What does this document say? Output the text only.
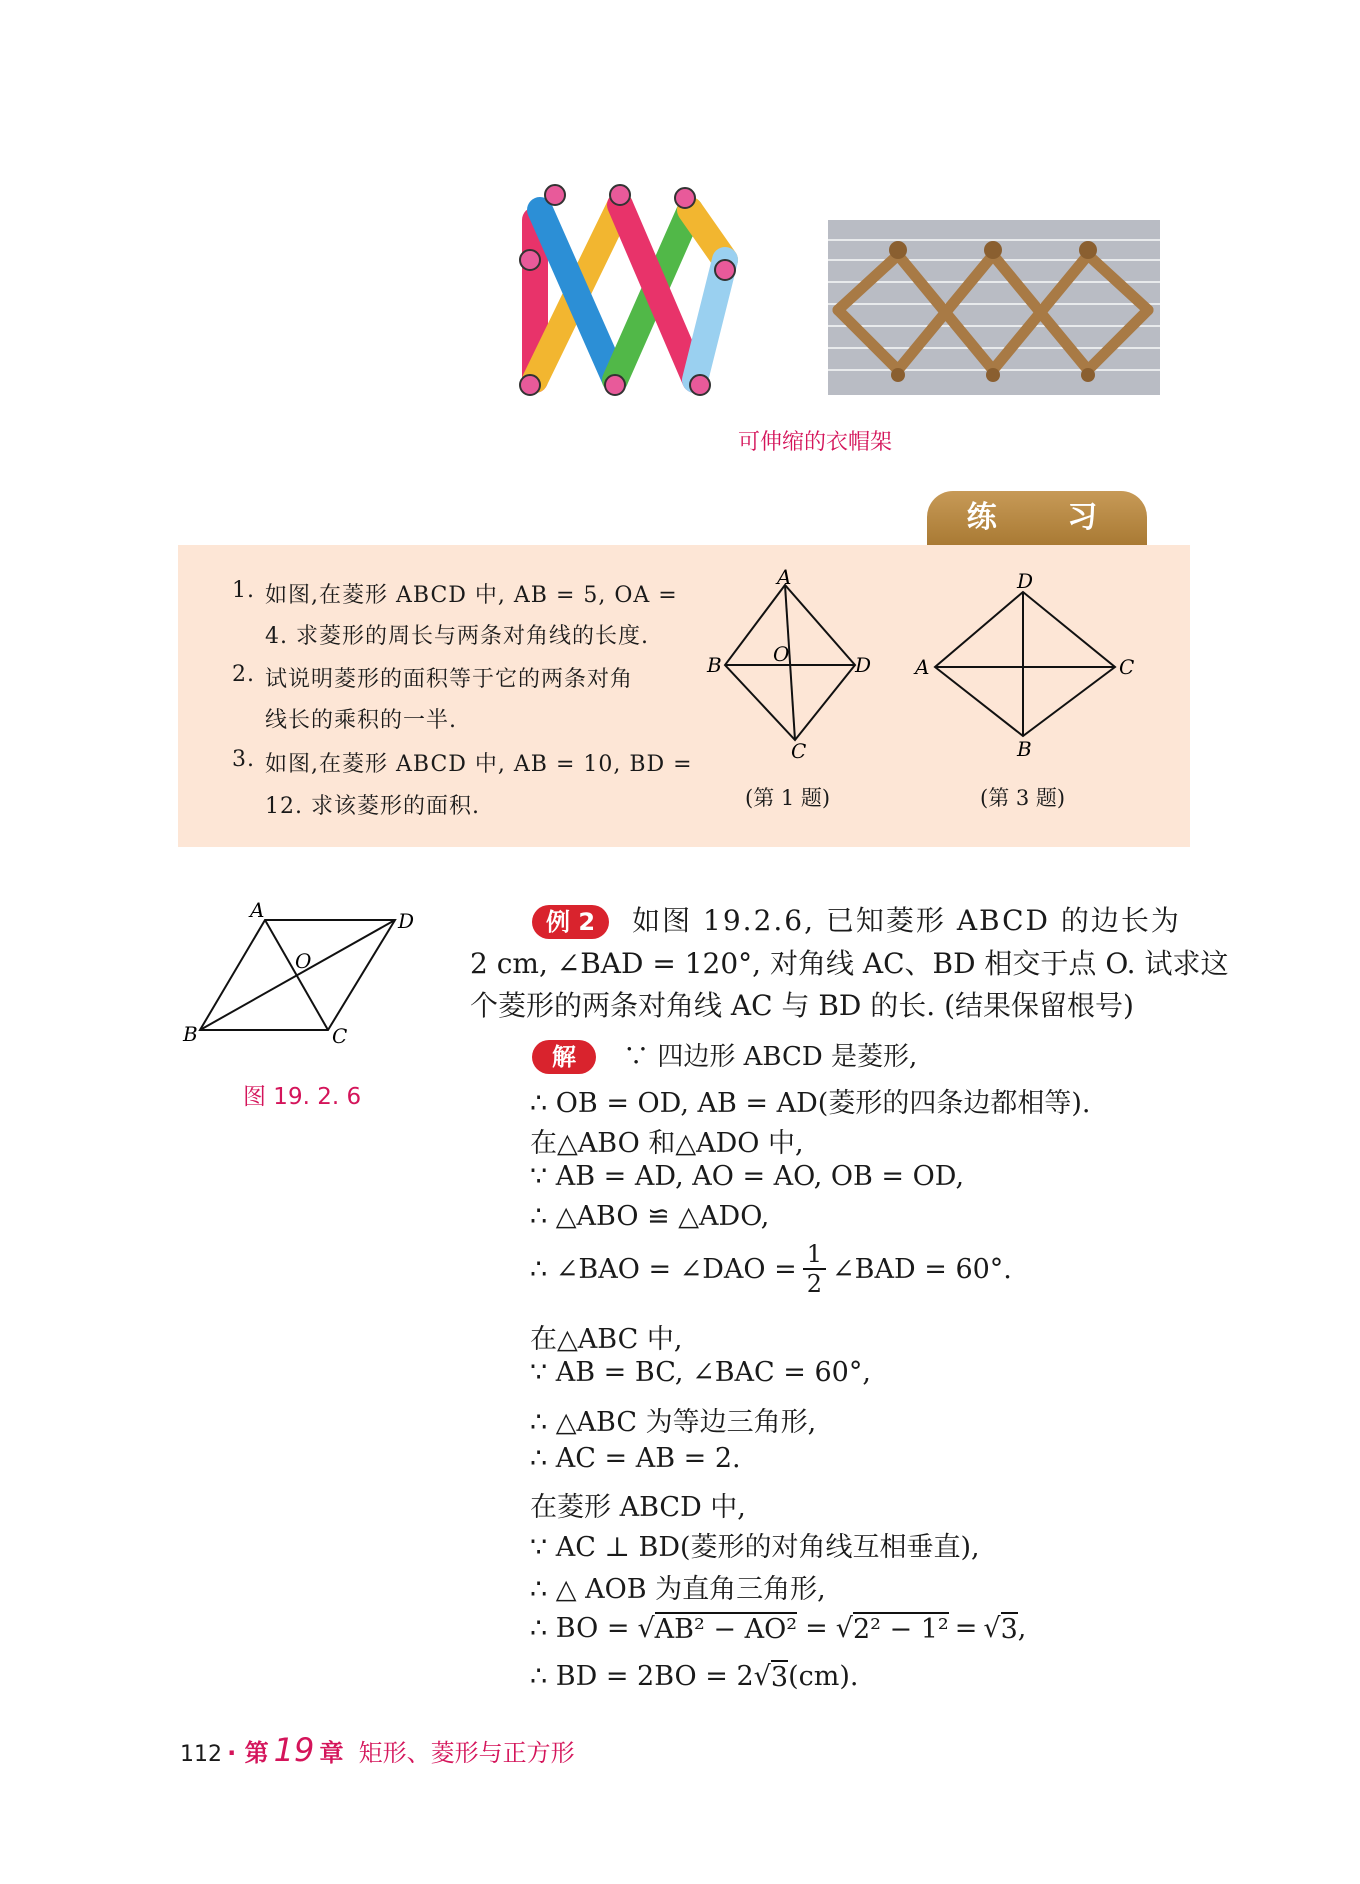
可伸缩的衣帽架
练 习
1. 如图,在菱形 ABCD 中, AB = 5, OA =
4. 求菱形的周长与两条对角线的长度.
2. 试说明菱形的面积等于它的两条对角
线长的乘积的一半.
3. 如图,在菱形 ABCD 中, AB = 10, BD =
12. 求该菱形的面积.
A
B
C
D
O
(第 1 题)
D
A
B
C
(第 3 题)
A	D
B	C
O
图 19. 2. 6
例 2 如图 19.2.6, 已知菱形 ABCD 的边长为
2 cm, ∠BAD = 120°, 对角线 AC、BD 相交于点 O. 试求这
个菱形的两条对角线 AC 与 BD 的长. (结果保留根号)
解 ∵ 四边形 ABCD 是菱形,
∴ OB = OD, AB = AD(菱形的四条边都相等).
在△ABO 和△ADO 中,
∵ AB = AD, AO = AO, OB = OD,
∴ △ABO ≌ △ADO,
∴ ∠BAO = ∠DAO = $\frac{1}{2}$ ∠BAD = 60°.
在△ABC 中,
∵ AB = BC, ∠BAC = 60°,
∴ △ABC 为等边三角形,
∴ AC = AB = 2.
在菱形 ABCD 中,
∵ AC ⊥ BD(菱形的对角线互相垂直),
∴ △ AOB 为直角三角形,
∴ BO = √ AB² − AO² = √ 2² − 1² = √ 3 ,
∴ BD = 2BO = 2 √ 3 (cm).
112 · 第 19 章 矩形、菱形与正方形
